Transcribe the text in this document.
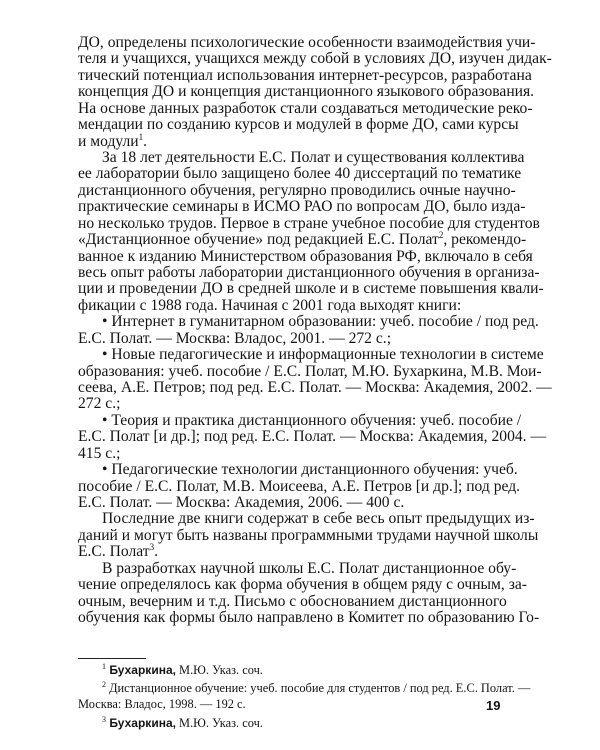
ДО, определены психологические особенности взаимодействия учи-
теля и учащихся, учащихся между собой в условиях ДО, изучен дидак-
тический потенциал использования интернет-ресурсов, разработана
концепция ДО и концепция дистанционного языкового образования.
На основе данных разработок стали создаваться методические реко-
мендации по созданию курсов и модулей в форме ДО, сами курсы
и модули$^1$.
За 18 лет деятельности Е.С. Полат и существования коллектива
ее лаборатории было защищено более 40 диссертаций по тематике
дистанционного обучения, регулярно проводились очные научно-
практические семинары в ИСМО РАО по вопросам ДО, было изда-
но несколько трудов. Первое в стране учебное пособие для студентов
«Дистанционное обучение» под редакцией Е.С. Полат$^2$, рекомендо-
ванное к изданию Министерством образования РФ, включало в себя
весь опыт работы лаборатории дистанционного обучения в организа-
ции и проведении ДО в средней школе и в системе повышения квали-
фикации с 1988 года. Начиная с 2001 года выходят книги:
• Интернет в гуманитарном образовании: учеб. пособие / под ред.
Е.С. Полат. — Москва: Владос, 2001. — 272 с.;
• Новые педагогические и информационные технологии в системе
образования: учеб. пособие / Е.С. Полат, М.Ю. Бухаркина, М.В. Мои-
сеева, А.Е. Петров; под ред. Е.С. Полат. — Москва: Академия, 2002. —
272 с.;
• Теория и практика дистанционного обучения: учеб. пособие /
Е.С. Полат [и др.]; под ред. Е.С. Полат. — Москва: Академия, 2004. —
415 с.;
• Педагогические технологии дистанционного обучения: учеб.
пособие / Е.С. Полат, М.В. Моисеева, А.Е. Петров [и др.]; под ред.
Е.С. Полат. — Москва: Академия, 2006. — 400 с.
Последние две книги содержат в себе весь опыт предыдущих из-
даний и могут быть названы программными трудами научной школы
Е.С. Полат$^3$.
В разработках научной школы Е.С. Полат дистанционное обу-
чение определялось как форма обучения в общем ряду с очным, за-
очным, вечерним и т.д. Письмо с обоснованием дистанционного
обучения как формы было направлено в Комитет по образованию Го-
$^1$ Бухаркина, М.Ю. Указ. соч.
$^2$ Дистанционное обучение: учеб. пособие для студентов / под ред. Е.С. Полат. —
Москва: Владос, 1998. — 192 с.
$^3$ Бухаркина, М.Ю. Указ. соч.
19
